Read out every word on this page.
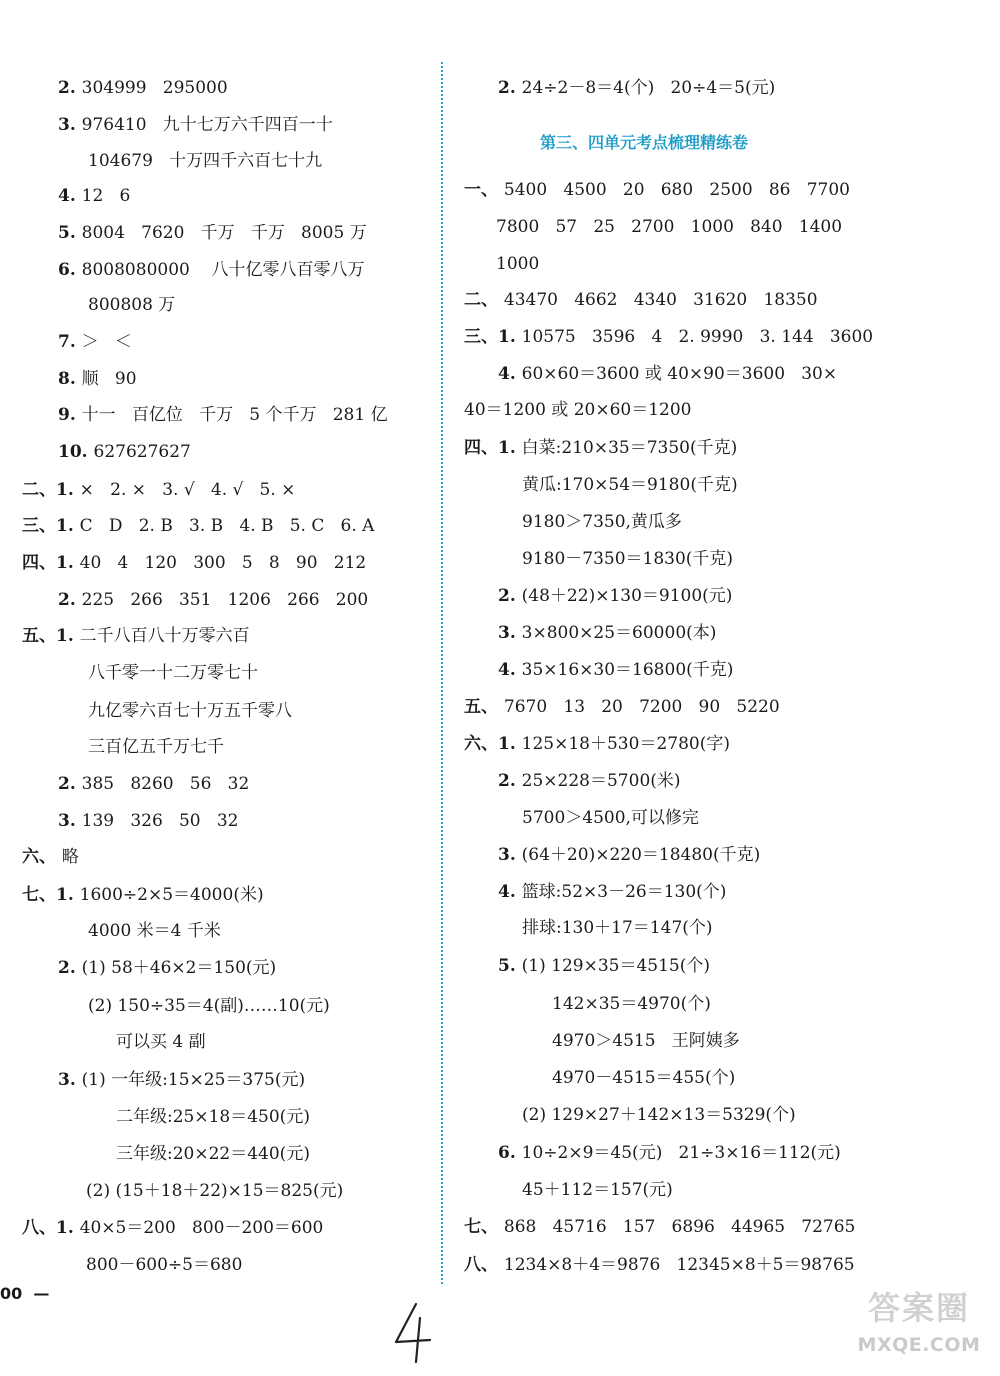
2. 304999   295000
3. 976410   九十七万六千四百一十
104679   十万四千六百七十九
4. 12   6
5. 8004   7620   千万   千万   8005 万
6. 8008080000    八十亿零八百零八万
800808 万
7. ＞   ＜
8. 顺   90
9. 十一   百亿位   千万   5 个千万   281 亿
10. 627627627
二、1. ×   2. ×   3. √   4. √   5. ×
三、1. C   D   2. B   3. B   4. B   5. C   6. A
四、1. 40   4   120   300   5   8   90   212
2. 225   266   351   1206   266   200
五、1. 二千八百八十万零六百
八千零一十二万零七十
九亿零六百七十万五千零八
三百亿五千万七千
2. 385   8260   56   32
3. 139   326   50   32
六、 略
七、1. 1600÷2×5＝4000(米)
4000 米＝4 千米
2. (1) 58＋46×2＝150(元)
(2) 150÷35＝4(副)……10(元)
可以买 4 副
3. (1) 一年级:15×25＝375(元)
二年级:25×18＝450(元)
三年级:20×22＝440(元)
(2) (15＋18＋22)×15＝825(元)
八、1. 40×5＝200   800－200＝600
800－600÷5＝680
第三、四单元考点梳理精练卷
2. 24÷2－8＝4(个)   20÷4＝5(元)
一、 5400   4500   20   680   2500   86   7700
7800   57   25   2700   1000   840   1400
1000
二、 43470   4662   4340   31620   18350
三、1. 10575   3596   4   2. 9990   3. 144   3600
4. 60×60＝3600 或 40×90＝3600   30×
40＝1200 或 20×60＝1200
四、1. 白菜:210×35＝7350(千克)
黄瓜:170×54＝9180(千克)
9180＞7350,黄瓜多
9180－7350＝1830(千克)
2. (48＋22)×130＝9100(元)
3. 3×800×25＝60000(本)
4. 35×16×30＝16800(千克)
五、 7670   13   20   7200   90   5220
六、1. 125×18＋530＝2780(字)
2. 25×228＝5700(米)
5700＞4500,可以修完
3. (64＋20)×220＝18480(千克)
4. 篮球:52×3－26＝130(个)
排球:130＋17＝147(个)
5. (1) 129×35＝4515(个)
142×35＝4970(个)
4970＞4515   王阿姨多
4970－4515＝455(个)
(2) 129×27＋142×13＝5329(个)
6. 10÷2×9＝45(元)   21÷3×16＝112(元)
45＋112＝157(元)
七、 868   45716   157   6896   44965   72765
八、 1234×8＋4＝9876   12345×8＋5＝98765
00  —	答案圈
MXQE.COM
